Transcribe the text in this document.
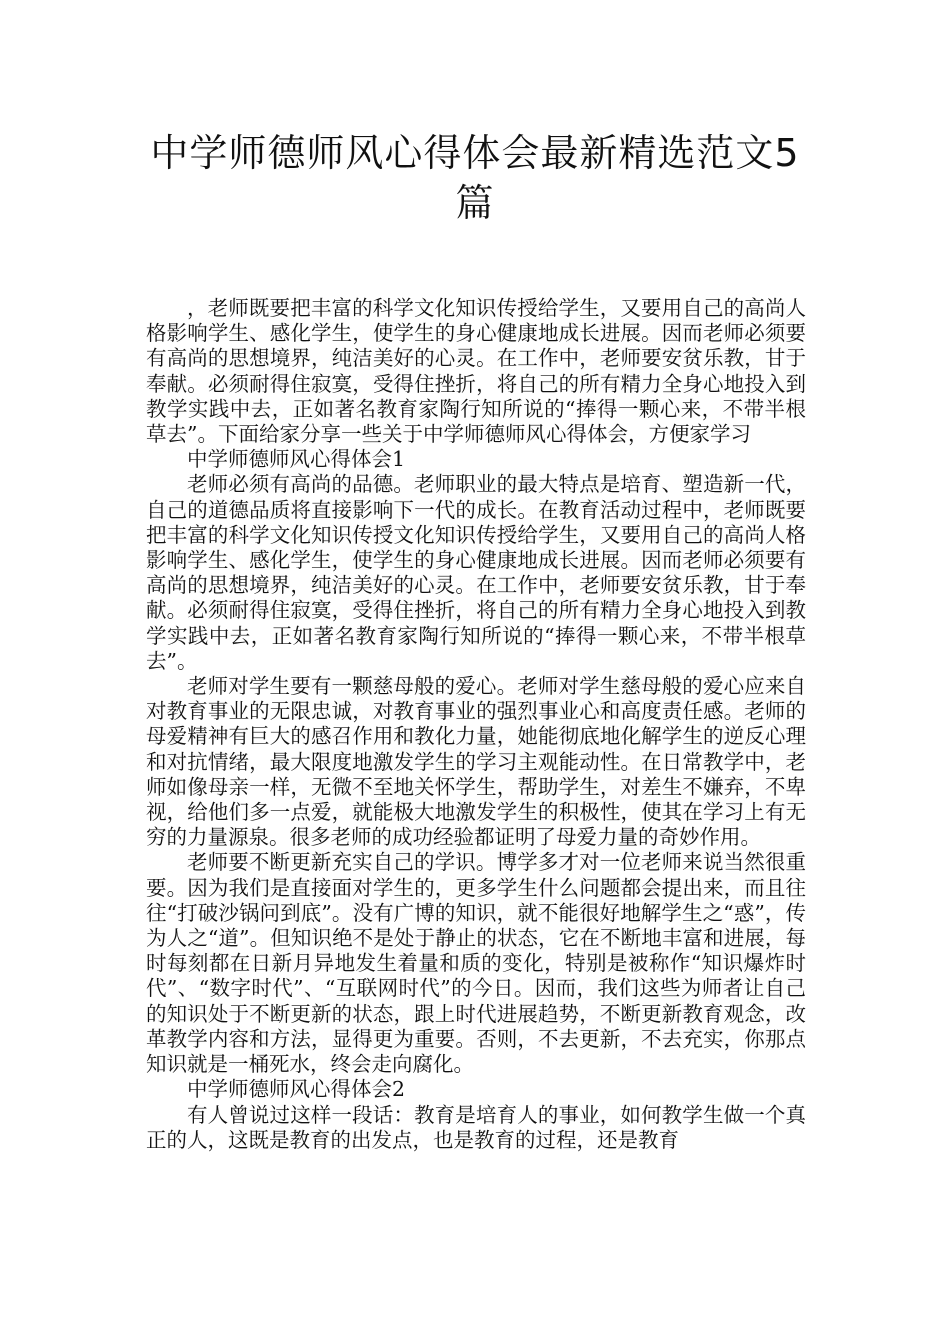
中学师德师风心得体会最新精选范文5篇

，老师既要把丰富的科学文化知识传授给学生，又要用自己的高尚人格影响学生、感化学生，使学生的身心健康地成长进展。因而老师必须要有高尚的思想境界，纯洁美好的心灵。在工作中，老师要安贫乐教，甘于奉献。必须耐得住寂寞，受得住挫折，将自己的所有精力全身心地投入到教学实践中去，正如著名教育家陶行知所说的“捧得一颗心来，不带半根草去”。下面给家分享一些关于中学师德师风心得体会，方便家学习

中学师德师风心得体会1

老师必须有高尚的品德。老师职业的最大特点是培育、塑造新一代，自己的道德品质将直接影响下一代的成长。在教育活动过程中，老师既要把丰富的科学文化知识传授文化知识传授给学生，又要用自己的高尚人格影响学生、感化学生，使学生的身心健康地成长进展。因而老师必须要有高尚的思想境界，纯洁美好的心灵。在工作中，老师要安贫乐教，甘于奉献。必须耐得住寂寞，受得住挫折，将自己的所有精力全身心地投入到教学实践中去，正如著名教育家陶行知所说的“捧得一颗心来，不带半根草去”。

老师对学生要有一颗慈母般的爱心。老师对学生慈母般的爱心应来自对教育事业的无限忠诚，对教育事业的强烈事业心和高度责任感。老师的母爱精神有巨大的感召作用和教化力量，她能彻底地化解学生的逆反心理和对抗情绪，最大限度地激发学生的学习主观能动性。在日常教学中，老师如像母亲一样，无微不至地关怀学生，帮助学生，对差生不嫌弃，不卑视，给他们多一点爱，就能极大地激发学生的积极性，使其在学习上有无穷的力量源泉。很多老师的成功经验都证明了母爱力量的奇妙作用。

老师要不断更新充实自己的学识。博学多才对一位老师来说当然很重要。因为我们是直接面对学生的，更多学生什么问题都会提出来，而且往往“打破沙锅问到底”。没有广博的知识，就不能很好地解学生之“惑”，传为人之“道”。但知识绝不是处于静止的状态，它在不断地丰富和进展，每时每刻都在日新月异地发生着量和质的变化，特别是被称作“知识爆炸时代”、“数字时代”、“互联网时代”的今日。因而，我们这些为师者让自己的知识处于不断更新的状态，跟上时代进展趋势，不断更新教育观念，改革教学内容和方法，显得更为重要。否则，不去更新，不去充实，你那点知识就是一桶死水，终会走向腐化。

中学师德师风心得体会2

有人曾说过这样一段话：教育是培育人的事业，如何教学生做一个真正的人，这既是教育的出发点，也是教育的过程，还是教育
